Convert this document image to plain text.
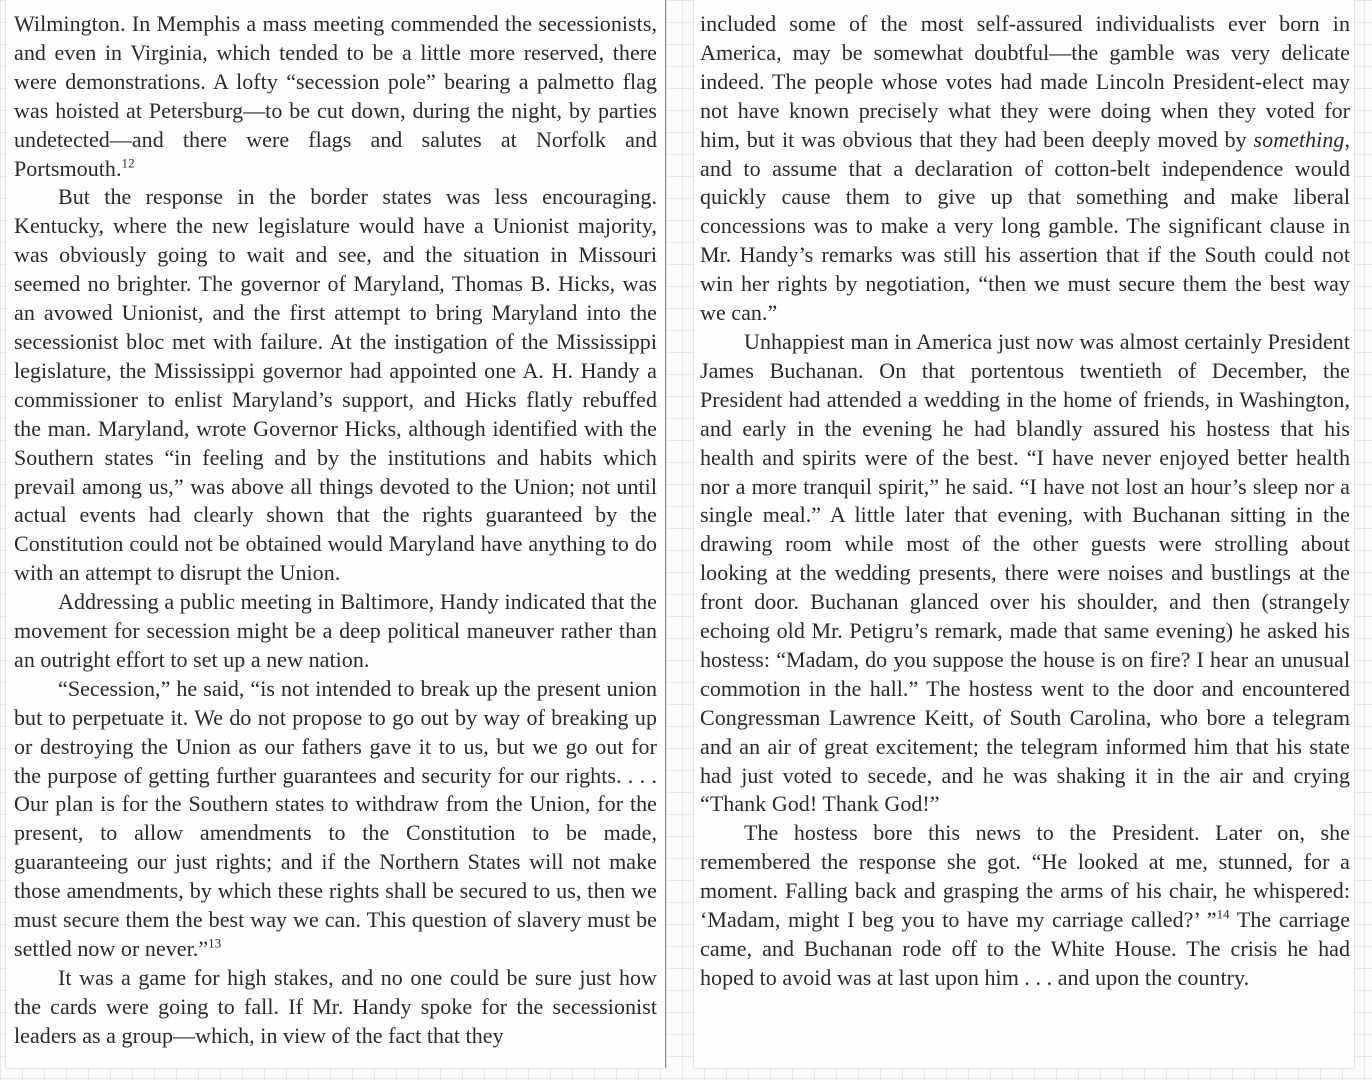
Wilmington. In Memphis a mass meeting commended the secessionists, and even in Virginia, which tended to be a little more reserved, there were demonstrations. A lofty “secession pole” bearing a palmetto flag was hoisted at Petersburg—to be cut down, during the night, by parties undetected—and there were flags and salutes at Norfolk and Portsmouth.$^{12}$

But the response in the border states was less encouraging. Kentucky, where the new legislature would have a Unionist majority, was obviously going to wait and see, and the situation in Missouri seemed no brighter. The governor of Maryland, Thomas B. Hicks, was an avowed Unionist, and the first attempt to bring Maryland into the secessionist bloc met with failure. At the instigation of the Mississippi legislature, the Mississippi governor had appointed one A. H. Handy a commissioner to enlist Maryland’s support, and Hicks flatly rebuffed the man. Maryland, wrote Governor Hicks, although identified with the Southern states “in feeling and by the institutions and habits which prevail among us,” was above all things devoted to the Union; not until actual events had clearly shown that the rights guaranteed by the Constitution could not be obtained would Maryland have anything to do with an attempt to disrupt the Union.

Addressing a public meeting in Baltimore, Handy indicated that the movement for secession might be a deep political maneuver rather than an outright effort to set up a new nation.

“Secession,” he said, “is not intended to break up the present union but to perpetuate it. We do not propose to go out by way of breaking up or destroying the Union as our fathers gave it to us, but we go out for the purpose of getting further guarantees and security for our rights. . . . Our plan is for the Southern states to withdraw from the Union, for the present, to allow amendments to the Constitution to be made, guaranteeing our just rights; and if the Northern States will not make those amendments, by which these rights shall be secured to us, then we must secure them the best way we can. This question of slavery must be settled now or never.”$^{13}$

It was a game for high stakes, and no one could be sure just how the cards were going to fall. If Mr. Handy spoke for the secessionist leaders as a group—which, in view of the fact that they

included some of the most self-assured individualists ever born in America, may be somewhat doubtful—the gamble was very delicate indeed. The people whose votes had made Lincoln President-elect may not have known precisely what they were doing when they voted for him, but it was obvious that they had been deeply moved by something, and to assume that a declaration of cotton-belt independence would quickly cause them to give up that something and make liberal concessions was to make a very long gamble. The significant clause in Mr. Handy’s remarks was still his assertion that if the South could not win her rights by negotiation, “then we must secure them the best way we can.”

Unhappiest man in America just now was almost certainly President James Buchanan. On that portentous twentieth of December, the President had attended a wedding in the home of friends, in Washington, and early in the evening he had blandly assured his hostess that his health and spirits were of the best. “I have never enjoyed better health nor a more tranquil spirit,” he said. “I have not lost an hour’s sleep nor a single meal.” A little later that evening, with Buchanan sitting in the drawing room while most of the other guests were strolling about looking at the wedding presents, there were noises and bustlings at the front door. Buchanan glanced over his shoulder, and then (strangely echoing old Mr. Petigru’s remark, made that same evening) he asked his hostess: “Madam, do you suppose the house is on fire? I hear an unusual commotion in the hall.” The hostess went to the door and encountered Congressman Lawrence Keitt, of South Carolina, who bore a telegram and an air of great excitement; the telegram informed him that his state had just voted to secede, and he was shaking it in the air and crying “Thank God! Thank God!”

The hostess bore this news to the President. Later on, she remembered the response she got. “He looked at me, stunned, for a moment. Falling back and grasping the arms of his chair, he whispered: ‘Madam, might I beg you to have my carriage called?’ ”$^{14}$ The carriage came, and Buchanan rode off to the White House. The crisis he had hoped to avoid was at last upon him . . . and upon the country.
